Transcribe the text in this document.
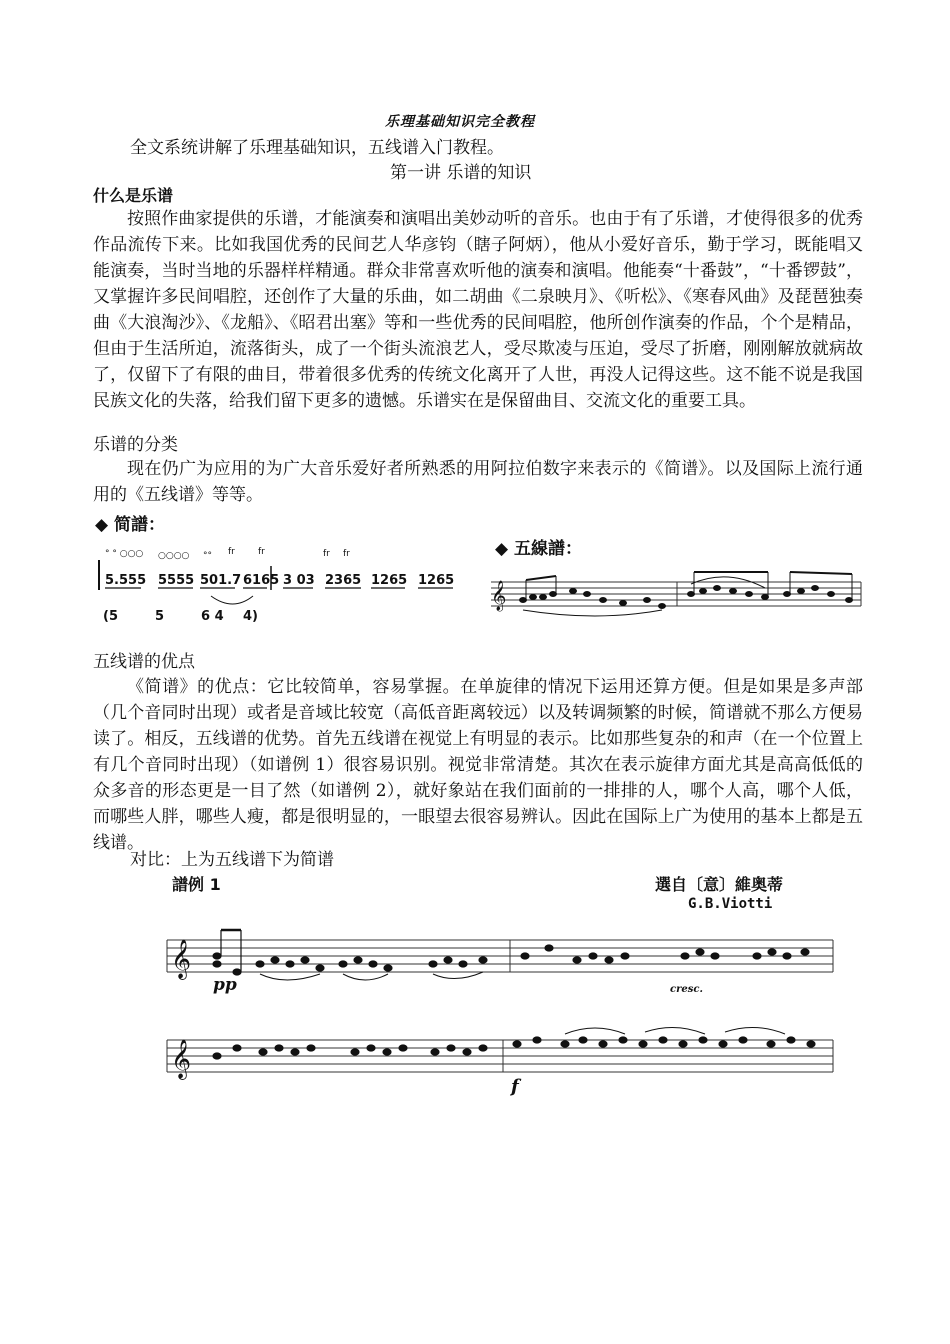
乐理基础知识完全教程
全文系统讲解了乐理基础知识，五线谱入门教程。
第一讲 乐谱的知识
什么是乐谱

按照作曲家提供的乐谱，才能演奏和演唱出美妙动听的音乐。也由于有了乐谱，才使得很多的优秀作品流传下来。比如我国优秀的民间艺人华彦钧（瞎子阿炳），他从小爱好音乐，勤于学习，既能唱又能演奏，当时当地的乐器样样精通。群众非常喜欢听他的演奏和演唱。他能奏“十番鼓”，“十番锣鼓”，又掌握许多民间唱腔，还创作了大量的乐曲，如二胡曲《二泉映月》、《听松》、《寒春风曲》及琵琶独奏曲《大浪淘沙》、《龙船》、《昭君出塞》等和一些优秀的民间唱腔，他所创作演奏的作品，个个是精品，但由于生活所迫，流落街头，成了一个街头流浪艺人，受尽欺凌与压迫，受尽了折磨，刚刚解放就病故了，仅留下了有限的曲目，带着很多优秀的传统文化离开了人世，再没人记得这些。这不能不说是我国民族文化的失落，给我们留下更多的遗憾。乐谱实在是保留曲目、交流文化的重要工具。

乐谱的分类

现在仍广为应用的为广大音乐爱好者所熟悉的用阿拉伯数字来表示的《简谱》。以及国际上流行通用的《五线谱》等等。

◆ 简譜：
◆ 五線譜：
5.555 5555 501.7 6165 3 03 2365 1265 1265
(5	5	6 4 4)
° ° ○○○ ○○○○ °° fr	fr	fr fr
𝄞
五线谱的优点

《简谱》的优点：它比较简单，容易掌握。在单旋律的情况下运用还算方便。但是如果是多声部（几个音同时出现）或者是音域比较宽（高低音距离较远）以及转调频繁的时候，简谱就不那么方便易读了。相反，五线谱的优势。首先五线谱在视觉上有明显的表示。比如那些复杂的和声（在一个位置上有几个音同时出现）（如谱例 1）很容易识别。视觉非常清楚。其次在表示旋律方面尤其是高高低低的众多音的形态更是一目了然（如谱例 2），就好象站在我们面前的一排排的人，哪个人高，哪个人低，而哪些人胖，哪些人瘦，都是很明显的，一眼望去很容易辨认。因此在国际上广为使用的基本上都是五线谱。

对比：上为五线谱下为简谱
譜例 1	選自〔意〕維奥蒂
G.B.Viotti
𝄞
𝄞
pp	cresc.
f
